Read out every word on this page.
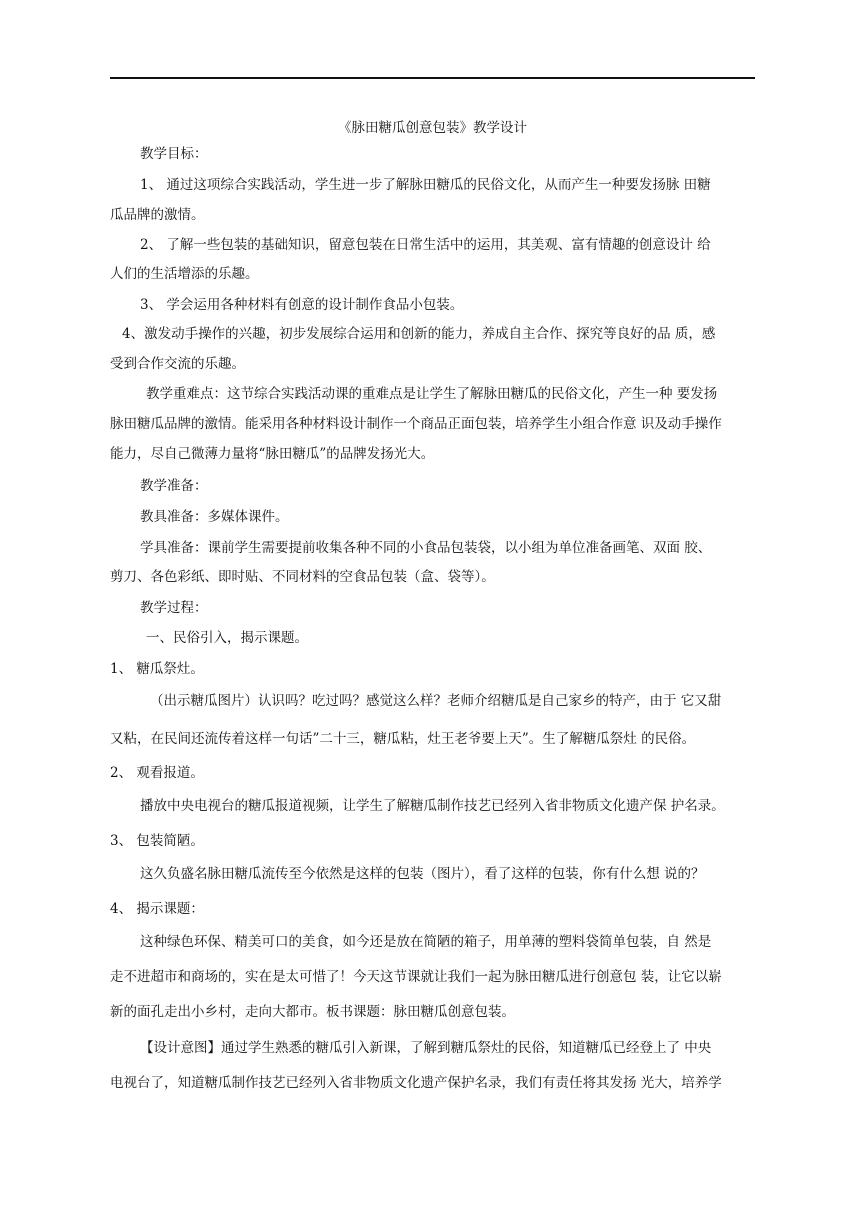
《脉田糖瓜创意包装》教学设计
教学目标：
1、 通过这项综合实践活动，学生进一步了解脉田糖瓜的民俗文化，从而产生一种要发扬脉 田糖
瓜品牌的激情。
2、 了解一些包装的基础知识，留意包装在日常生活中的运用，其美观、富有情趣的创意设计 给
人们的生活增添的乐趣。
3、 学会运用各种材料有创意的设计制作食品小包装。
4、激发动手操作的兴趣，初步发展综合运用和创新的能力，养成自主合作、探究等良好的品 质，感
受到合作交流的乐趣。
教学重难点：这节综合实践活动课的重难点是让学生了解脉田糖瓜的民俗文化，产生一种 要发扬
脉田糖瓜品牌的激情。能采用各种材料设计制作一个商品正面包装，培养学生小组合作意 识及动手操作
能力，尽自己微薄力量将“脉田糖瓜”的品牌发扬光大。
教学准备：
教具准备：多媒体课件。
学具准备：课前学生需要提前收集各种不同的小食品包装袋，以小组为单位准备画笔、双面 胶、
剪刀、各色彩纸、即时贴、不同材料的空食品包装（盒、袋等）。
教学过程：
一、民俗引入，揭示课题。
1、 糖瓜祭灶。
（出示糖瓜图片）认识吗？吃过吗？感觉这么样？老师介绍糖瓜是自己家乡的特产，由于 它又甜
又粘，在民间还流传着这样一句话”二十三，糖瓜粘，灶王老爷要上天”。生了解糖瓜祭灶 的民俗。
2、 观看报道。
播放中央电视台的糖瓜报道视频，让学生了解糖瓜制作技艺已经列入省非物质文化遗产保 护名录。
3、 包装简陋。
这久负盛名脉田糖瓜流传至今依然是这样的包装（图片），看了这样的包装，你有什么想 说的？
4、 揭示课题：
这种绿色环保、精美可口的美食，如今还是放在简陋的箱子，用单薄的塑料袋简单包装，自 然是
走不进超市和商场的，实在是太可惜了！今天这节课就让我们一起为脉田糖瓜进行创意包 装，让它以崭
新的面孔走出小乡村，走向大都市。板书课题：脉田糖瓜创意包装。
【设计意图】通过学生熟悉的糖瓜引入新课，了解到糖瓜祭灶的民俗，知道糖瓜已经登上了 中央
电视台了，知道糖瓜制作技艺已经列入省非物质文化遗产保护名录，我们有责任将其发扬 光大，培养学
